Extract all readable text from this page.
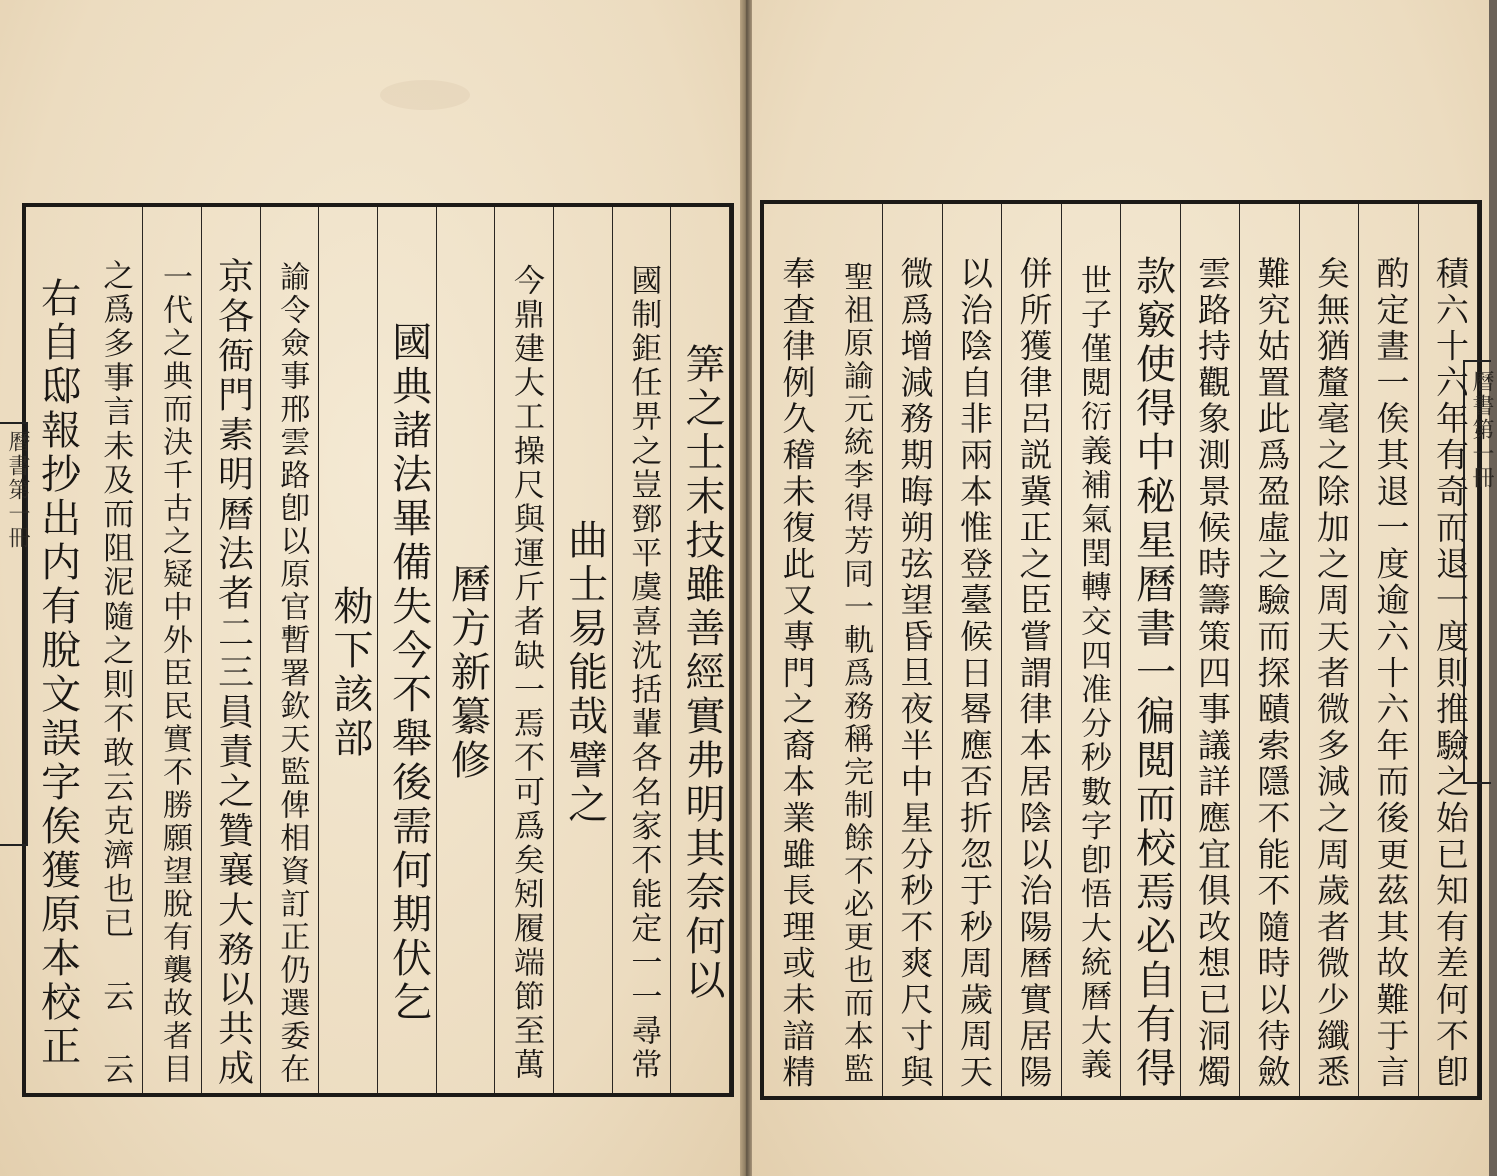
筭之士末技雖善經實弗明其奈何以
國制鉅任畀之豈鄧平虞喜沈括輩各名家不能定一一尋常
曲士易能哉譬之
今鼎建大工操尺與運斤者缺一焉不可爲矣矧履端節至萬
曆方新纂修
國典諸法畢備失今不舉後需何期伏乞
勑下該部
諭令僉事邢雲路卽以原官暫署欽天監俾相資訂正仍選委在
京各衙門素明曆法者二三員責之贊襄大務以共成
一代之典而決千古之疑中外臣民實不勝願望脫有襲故者目
之爲多事言未及而阻泥隨之則不敢云克濟也已 云 云
右自邸報抄出内有脫文誤字俟獲原本校正	積六十六年有奇而退一度則推驗之始已知有差何不卽
酌定晝一俟其退一度逾六十六年而後更茲其故難于言
矣無猶釐毫之除加之周天者微多減之周歲者微少纖悉
難究姑置此爲盈虛之驗而探賾索隱不能不隨時以待斂
雲路持觀象測景候時籌策四事議詳應宜俱改想已洞燭
款竅使得中秘星曆書一徧閲而校焉必自有得
世子僅閲衍義補氣閏轉交四准分秒數字卽悟大統曆大義
併所獲律呂説冀正之臣嘗謂律本居陰以治陽曆實居陽
以治陰自非兩本惟登臺候日晷應否折忽于秒周歲周天
微爲增減務期晦朔弦望昏旦夜半中星分秒不爽尺寸與
聖祖原諭元統李得芳同一軌爲務稱完制餘不必更也而本監
奉查律例久稽未復此又專門之裔本業雖長理或未諳精
曆書第一冊	曆書第一冊
